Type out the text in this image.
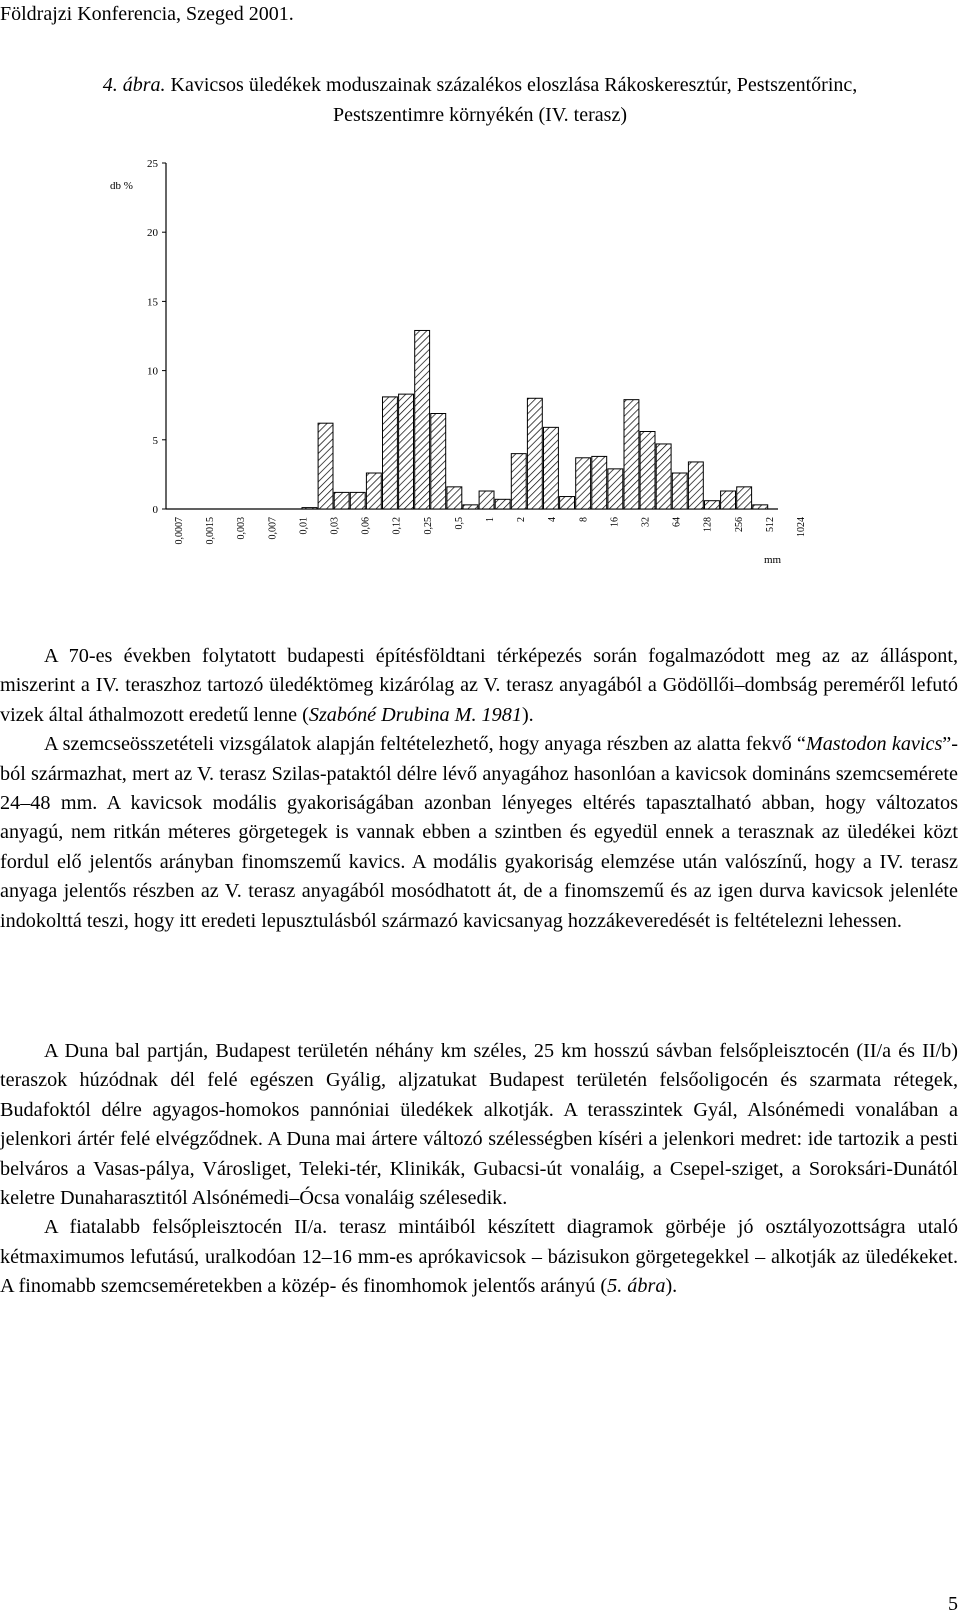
Földrajzi Konferencia, Szeged 2001.
4. ábra. Kavicsos üledékek moduszainak százalékos eloszlása Rákoskeresztúr, Pestszentőrinc,
Pestszentimre környékén (IV. terasz)
0
5
10
15
20
25
db %
0,0007 0,0015 0,003 0,007 0,01 0,03 0,06 0,12 0,25 0,5 1 2 4 8 16 32 64 128 256 512 1024
mm

A 70-es években folytatott budapesti építésföldtani térképezés során fogalmazódott meg az az álláspont, miszerint a IV. teraszhoz tartozó üledéktömeg kizárólag az V. terasz anyagából a Gödöllői–dombság pereméről lefutó vizek által áthalmozott eredetű lenne (Szabóné Drubina M. 1981).

A szemcseösszetételi vizsgálatok alapján feltételezhető, hogy anyaga részben az alatta fekvő “Mastodon kavics”-ból származhat, mert az V. terasz Szilas-pataktól délre lévő anyagához hasonlóan a kavicsok domináns szemcsemérete 24–48 mm. A kavicsok modális gyakoriságában azonban lényeges eltérés tapasztalható abban, hogy változatos anyagú, nem ritkán méteres görgetegek is vannak ebben a szintben és egyedül ennek a terasznak az üledékei közt fordul elő jelentős arányban finomszemű kavics. A modális gyakoriság elemzése után valószínű, hogy a IV. terasz anyaga jelentős részben az V. terasz anyagából mosódhatott át, de a finomszemű és az igen durva kavicsok jelenléte indokolttá teszi, hogy itt eredeti lepusztulásból származó kavicsanyag hozzákeveredését is feltételezni lehessen.

A Duna bal partján, Budapest területén néhány km széles, 25 km hosszú sávban felsőpleisztocén (II/a és II/b) teraszok húzódnak dél felé egészen Gyálig, aljzatukat Budapest területén felsőoligocén és szarmata rétegek, Budafoktól délre agyagos-homokos pannóniai üledékek alkotják. A terasszintek Gyál, Alsónémedi vonalában a jelenkori ártér felé elvégződnek. A Duna mai ártere változó szélességben kíséri a jelenkori medret: ide tartozik a pesti belváros a Vasas-pálya, Városliget, Teleki-tér, Klinikák, Gubacsi-út vonaláig, a Csepel-sziget, a Soroksári-Dunától keletre Dunaharasztitól Alsónémedi–Ócsa vonaláig szélesedik.

A fiatalabb felsőpleisztocén II/a. terasz mintáiból készített diagramok görbéje jó osztályozottságra utaló kétmaximumos lefutású, uralkodóan 12–16 mm-es aprókavicsok – bázisukon görgetegekkel – alkotják az üledékeket. A finomabb szemcseméretekben a közép- és finomhomok jelentős arányú (5. ábra).

5
